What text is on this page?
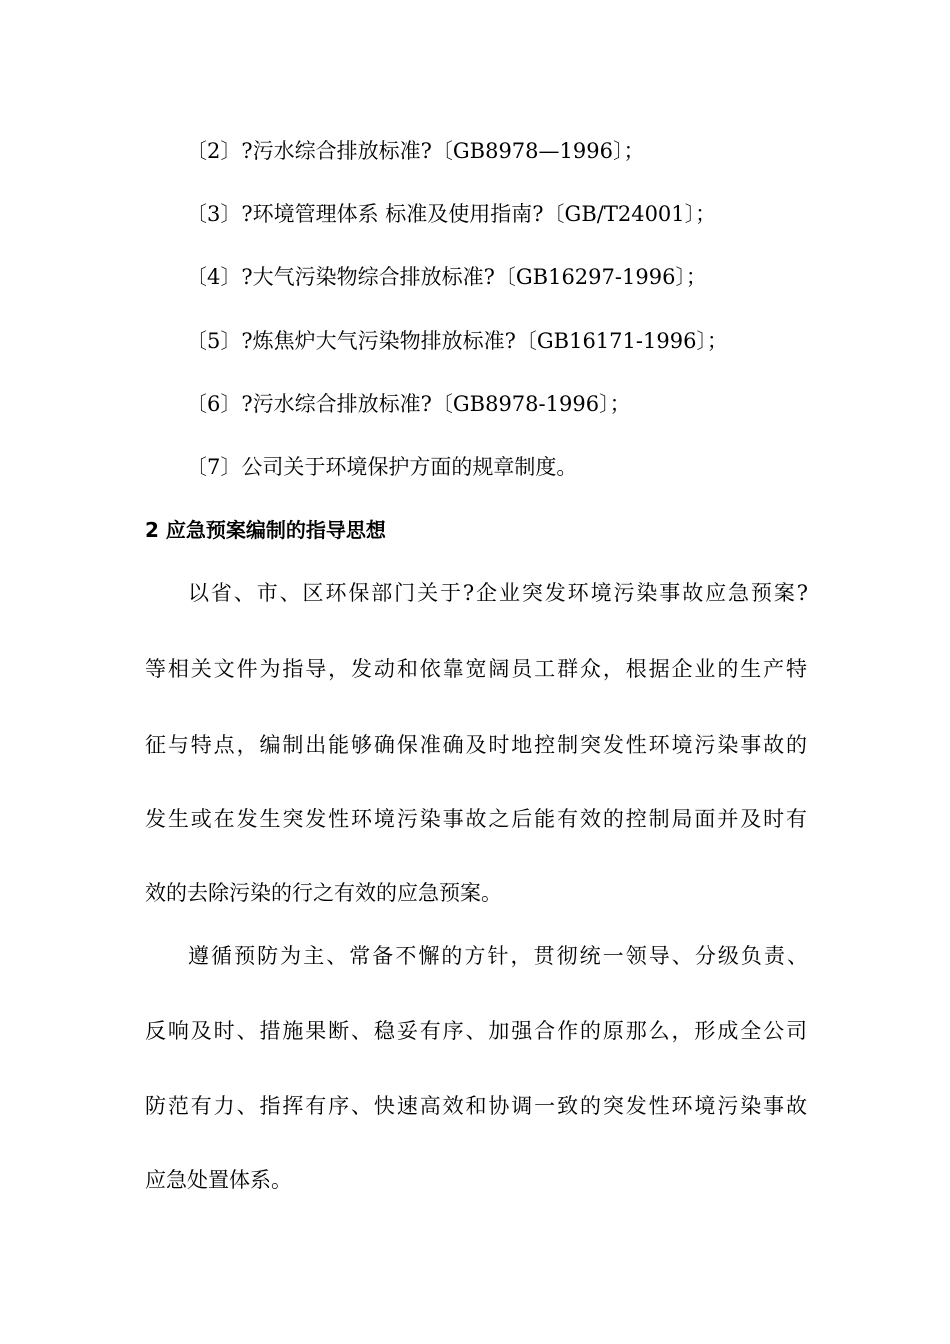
〔2〕?污水综合排放标准?〔GB8978—1996〕；
〔3〕?环境管理体系 标准及使用指南?〔GB/T24001〕；
〔4〕?大气污染物综合排放标准?〔GB16297-1996〕；
〔5〕?炼焦炉大气污染物排放标准?〔GB16171-1996〕；
〔6〕?污水综合排放标准?〔GB8978-1996〕；
〔7〕公司关于环境保护方面的规章制度。
2 应急预案编制的指导思想
以省、市、区环保部门关于?企业突发环境污染事故应急预案?
等相关文件为指导，发动和依靠宽阔员工群众，根据企业的生产特
征与特点，编制出能够确保准确及时地控制突发性环境污染事故的
发生或在发生突发性环境污染事故之后能有效的控制局面并及时有
效的去除污染的行之有效的应急预案。
遵循预防为主、常备不懈的方针，贯彻统一领导、分级负责、
反响及时、措施果断、稳妥有序、加强合作的原那么，形成全公司
防范有力、指挥有序、快速高效和协调一致的突发性环境污染事故
应急处置体系。
